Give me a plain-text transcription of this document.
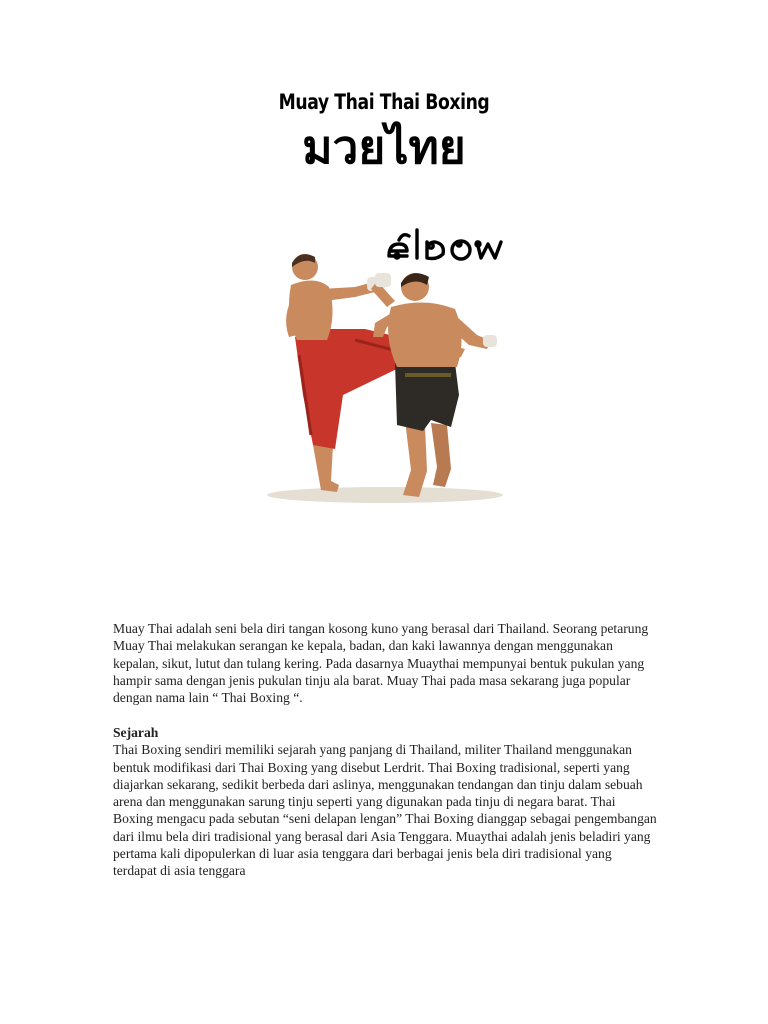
Muay Thai Thai Boxing
มวยไทย
Muay Thai adalah seni bela diri tangan kosong kuno yang berasal dari Thailand. Seorang petarung Muay Thai melakukan serangan ke kepala, badan, dan kaki lawannya dengan menggunakan kepalan, sikut, lutut dan tulang kering. Pada dasarnya Muaythai mempunyai bentuk pukulan yang hampir sama dengan jenis pukulan tinju ala barat. Muay Thai pada masa sekarang juga popular dengan nama lain “ Thai Boxing “.
Sejarah
Thai Boxing sendiri memiliki sejarah yang panjang di Thailand, militer Thailand menggunakan bentuk modifikasi dari Thai Boxing yang disebut Lerdrit. Thai Boxing tradisional, seperti yang diajarkan sekarang, sedikit berbeda dari aslinya, menggunakan tendangan dan tinju dalam sebuah arena dan menggunakan sarung tinju seperti yang digunakan pada tinju di negara barat. Thai Boxing mengacu pada sebutan “seni delapan lengan” Thai Boxing dianggap sebagai pengembangan dari ilmu bela diri tradisional yang berasal dari Asia Tenggara. Muaythai adalah jenis beladiri yang pertama kali dipopulerkan di luar asia tenggara dari berbagai jenis bela diri tradisional yang terdapat di asia tenggara
